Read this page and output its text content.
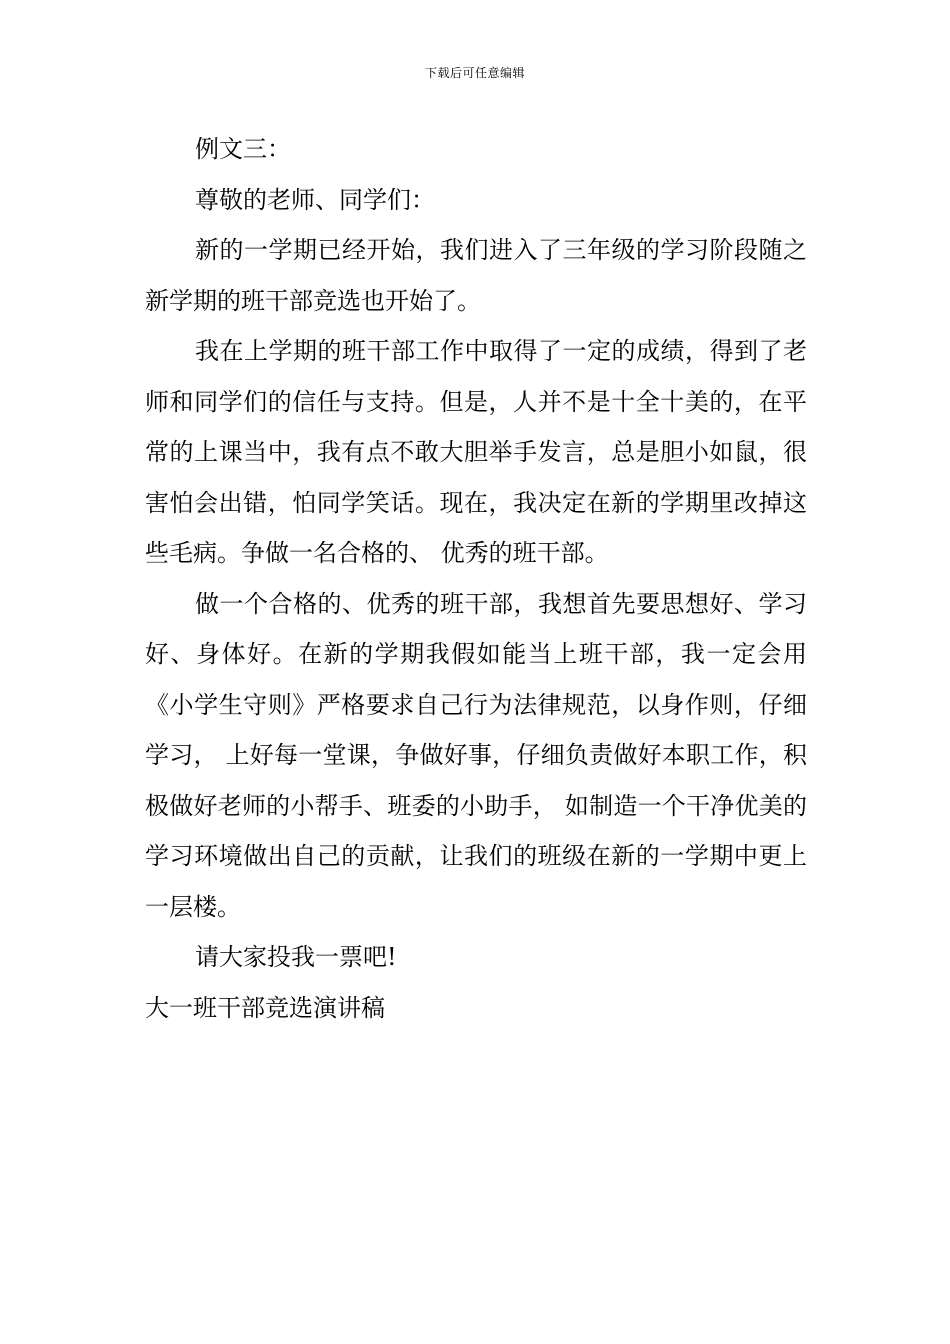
下载后可任意编辑

例文三：

尊敬的老师、同学们：

新的一学期已经开始，我们进入了三年级的学习阶段随之新学期的班干部竞选也开始了。

我在上学期的班干部工作中取得了一定的成绩，得到了老师和同学们的信任与支持。但是，人并不是十全十美的，在平常的上课当中，我有点不敢大胆举手发言，总是胆小如鼠，很害怕会出错，怕同学笑话。现在，我决定在新的学期里改掉这些毛病。争做一名合格的、 优秀的班干部。

做一个合格的、优秀的班干部，我想首先要思想好、学习好、身体好。在新的学期我假如能当上班干部，我一定会用《小学生守则》严格要求自己行为法律规范，以身作则，仔细学习， 上好每一堂课，争做好事，仔细负责做好本职工作，积极做好老师的小帮手、班委的小助手， 如制造一个干净优美的学习环境做出自己的贡献，让我们的班级在新的一学期中更上一层楼。

请大家投我一票吧!

大一班干部竞选演讲稿
